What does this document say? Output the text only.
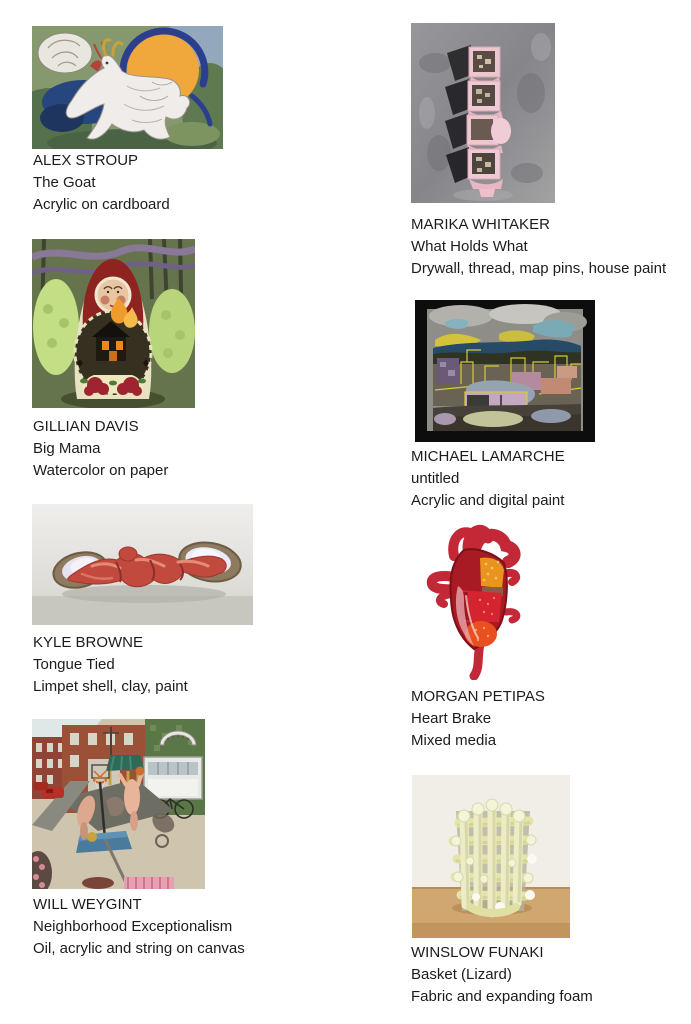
ALEX STROUP
The Goat
Acrylic on cardboard
GILLIAN DAVIS
Big Mama
Watercolor on paper
KYLE BROWNE
Tongue Tied
Limpet shell, clay, paint
WILL WEYGINT
Neighborhood Exceptionalism
Oil, acrylic and string on canvas
MARIKA WHITAKER
What Holds What
Drywall, thread, map pins, house paint
MICHAEL LAMARCHE
untitled
Acrylic and digital paint
MORGAN PETIPAS
Heart Brake
Mixed media
WINSLOW FUNAKI
Basket (Lizard)
Fabric and expanding foam
